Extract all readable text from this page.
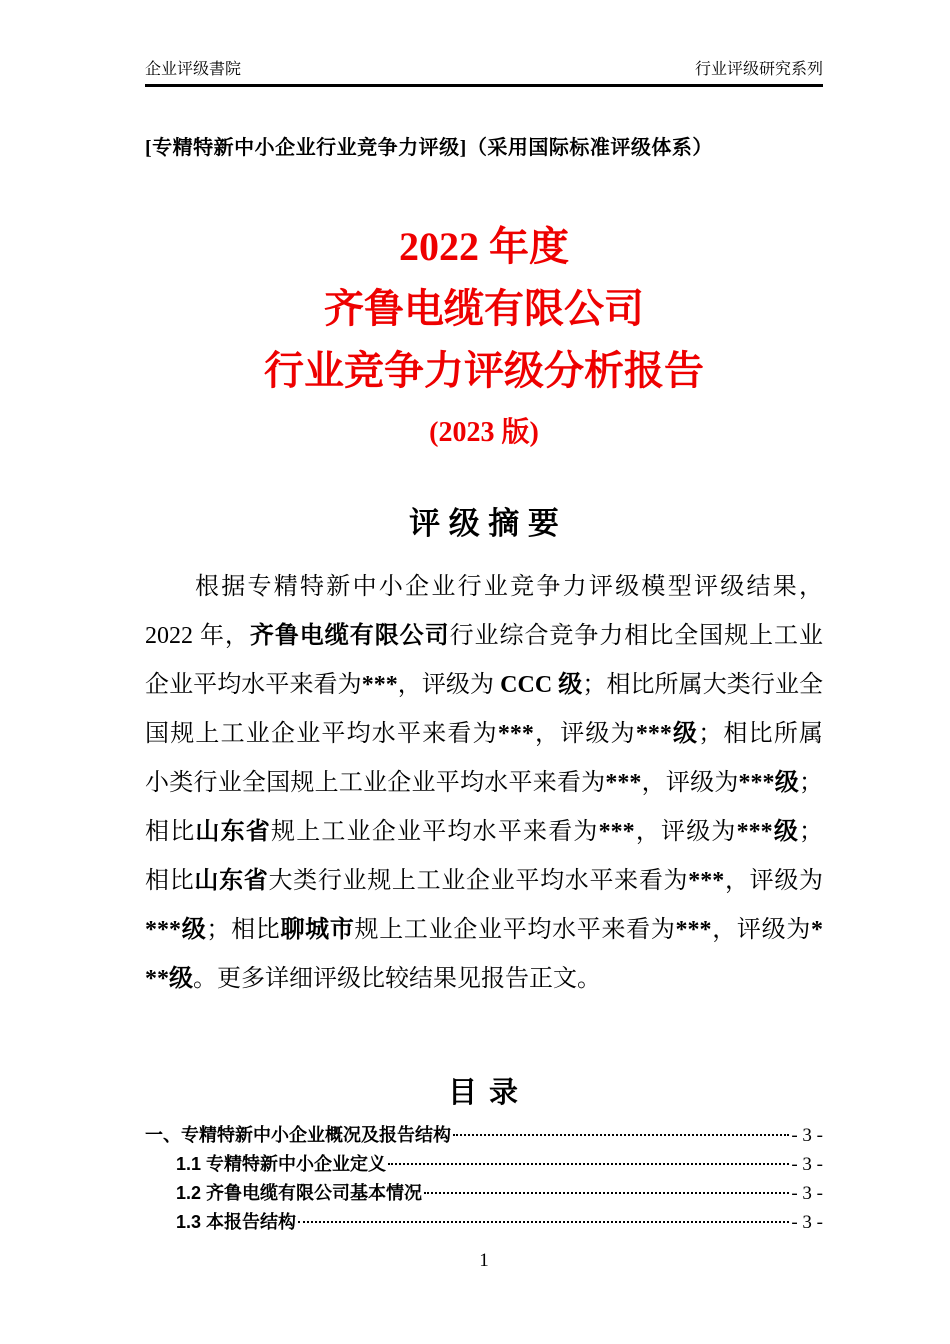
企业评级書院	行业评级研究系列
[专精特新中小企业行业竞争力评级]（采用国际标准评级体系）
2022 年度
齐鲁电缆有限公司
行业竞争力评级分析报告
(2023 版)
评 级 摘 要
根据专精特新中小企业行业竞争力评级模型评级结果，
2022 年，齐鲁电缆有限公司行业综合竞争力相比全国规上工业
企业平均水平来看为***，评级为 CCC 级；相比所属大类行业全
国规上工业企业平均水平来看为***，评级为***级；相比所属
小类行业全国规上工业企业平均水平来看为***，评级为***级；
相比山东省规上工业企业平均水平来看为***，评级为***级；
相比山东省大类行业规上工业企业平均水平来看为***，评级为
***级；相比聊城市规上工业企业平均水平来看为***，评级为*
**级。更多详细评级比较结果见报告正文。
目 录
一、专精特新中小企业概况及报告结构	- 3 -
1.1 专精特新中小企业定义	- 3 -
1.2 齐鲁电缆有限公司基本情况	- 3 -
1.3 本报告结构	- 3 -
1
